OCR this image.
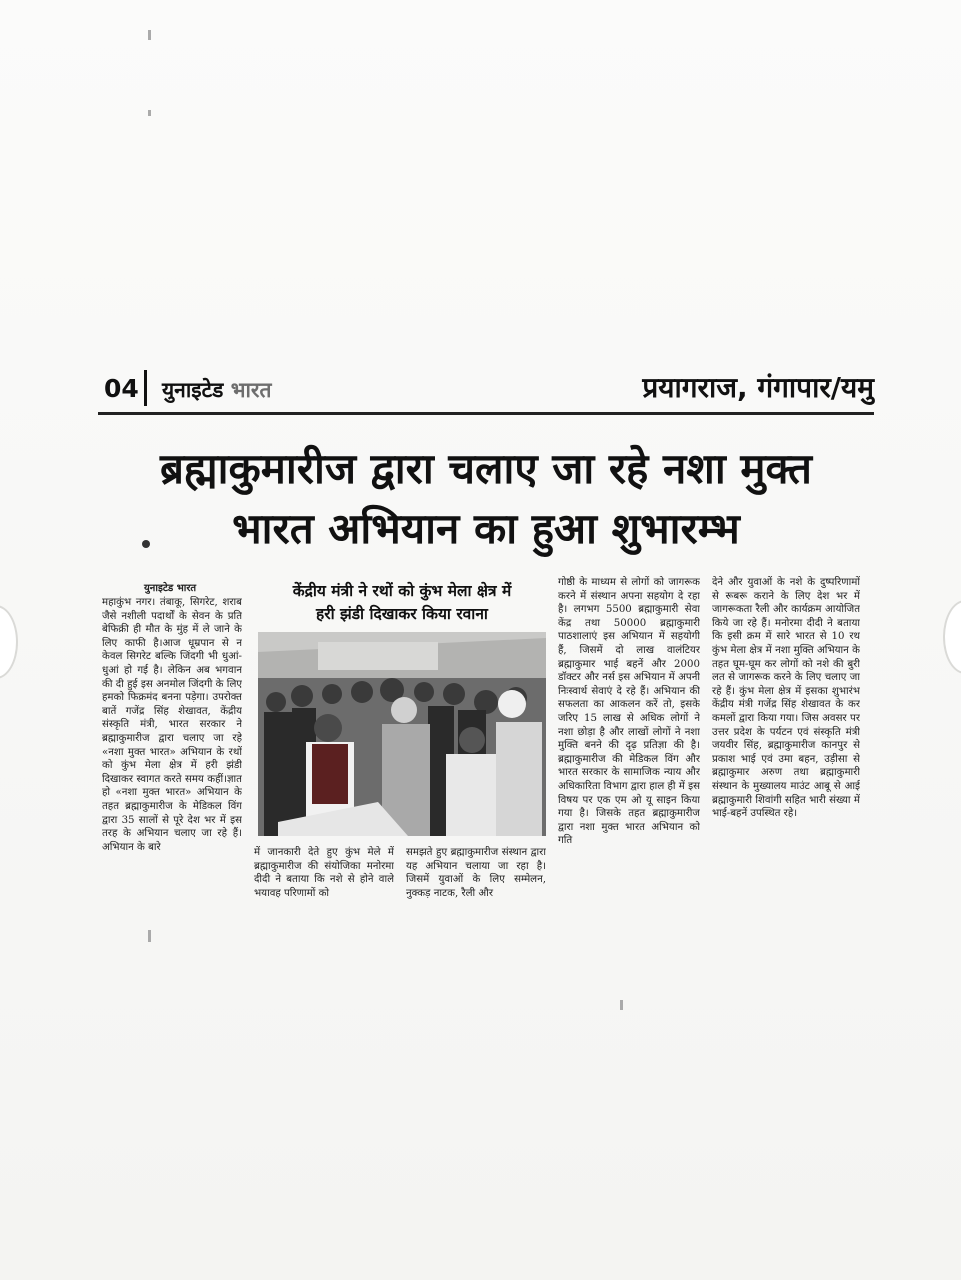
04 युनाइटेड भारत	प्रयागराज, गंगापार/यमु
ब्रह्माकुमारीज द्वारा चलाए जा रहे नशा मुक्त
भारत अभियान का हुआ शुभारम्भ
युनाइटेड भारत
महाकुंभ नगर। तंबाकू, सिगरेट, शराब जैसे नशीली पदार्थों के सेवन के प्रति बेफिक्री ही मौत के मुंह में ले जाने के लिए काफी है।आज धूम्रपान से न केवल सिगरेट बल्कि जिंदगी भी धुआं-धुआं हो गई है। लेकिन अब भगवान की दी हुई इस अनमोल जिंदगी के लिए हमको फिक्रमंद बनना पड़ेगा। उपरोक्त बातें गजेंद्र सिंह शेखावत, केंद्रीय संस्कृति मंत्री, भारत सरकार ने ब्रह्माकुमारीज द्वारा चलाए जा रहे «नशा मुक्त भारत» अभियान के रथों को कुंभ मेला क्षेत्र में हरी झंडी दिखाकर स्वागत करते समय कहीं।ज्ञात हो «नशा मुक्त भारत» अभियान के तहत ब्रह्माकुमारीज के मेडिकल विंग द्वारा 35 सालों से पूरे देश भर में इस तरह के अभियान चलाए जा रहे हैं। अभियान के बारे
केंद्रीय मंत्री ने रथों को कुंभ मेला क्षेत्र में
हरी झंडी दिखाकर किया रवाना
में जानकारी देते हुए कुंभ मेले में ब्रह्माकुमारीज की संयोजिका मनोरमा दीदी ने बताया कि नशे से होने वाले भयावह परिणामों को
समझते हुए ब्रह्माकुमारीज संस्थान द्वारा यह अभियान चलाया जा रहा है। जिसमें युवाओं के लिए सम्मेलन, नुक्कड़ नाटक, रैली और
गोष्ठी के माध्यम से लोगों को जागरूक करने में संस्थान अपना सहयोग दे रहा है। लगभग 5500 ब्रह्माकुमारी सेवा केंद्र तथा 50000 ब्रह्माकुमारी पाठशालाएं इस अभियान में सहयोगी हैं, जिसमें दो लाख वालंटियर ब्रह्माकुमार भाई बहनें और 2000 डॉक्टर और नर्स इस अभियान में अपनी निःस्वार्थ सेवाएं दे रहे हैं। अभियान की सफलता का आकलन करें तो, इसके जरिए 15 लाख से अधिक लोगों ने नशा छोड़ा है और लाखों लोगों ने नशा मुक्ति बनने की दृढ़ प्रतिज्ञा की है। ब्रह्माकुमारीज की मेडिकल विंग और भारत सरकार के सामाजिक न्याय और अधिकारिता विभाग द्वारा हाल ही में इस विषय पर एक एम ओ यू साइन किया गया है। जिसके तहत ब्रह्माकुमारीज द्वारा नशा मुक्त भारत अभियान को गति
देने और युवाओं के नशे के दुष्परिणामों से रूबरू कराने के लिए देश भर में जागरूकता रैली और कार्यक्रम आयोजित किये जा रहे हैं। मनोरमा दीदी ने बताया कि इसी क्रम में सारे भारत से 10 रथ कुंभ मेला क्षेत्र में नशा मुक्ति अभियान के तहत घूम-घूम कर लोगों को नशे की बुरी लत से जागरूक करने के लिए चलाए जा रहे हैं। कुंभ मेला क्षेत्र में इसका शुभारंभ केंद्रीय मंत्री गजेंद्र सिंह शेखावत के कर कमलों द्वारा किया गया। जिस अवसर पर उत्तर प्रदेश के पर्यटन एवं संस्कृति मंत्री जयवीर सिंह, ब्रह्माकुमारीज कानपुर से प्रकाश भाई एवं उमा बहन, उड़ीसा से ब्रह्माकुमार अरुण तथा ब्रह्माकुमारी संस्थान के मुख्यालय माउंट आबू से आई ब्रह्माकुमारी शिवांगी सहित भारी संख्या में भाई-बहनें उपस्थित रहे।
